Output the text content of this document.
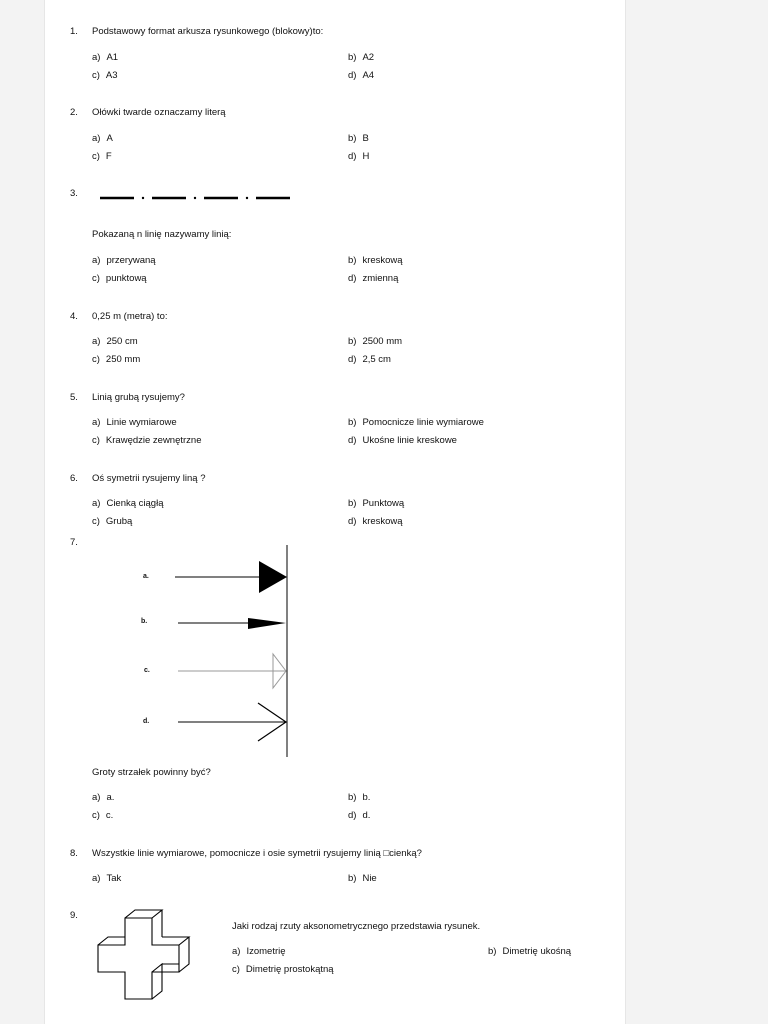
1. Podstawowy format arkusza rysunkowego (blokowy)to:
a) A1	b) A2
c) A3	d) A4
2. Ołówki twarde oznaczamy literą
a) A	b) B
c) F	d) H
3.
Pokazaną n linię nazywamy linią:
a) przerywaną	b) kreskową
c) punktową	d) zmienną
4. 0,25 m (metra) to:
a) 250 cm	b) 2500 mm
c) 250 mm	d) 2,5 cm
5. Linią grubą rysujemy?
a) Linie wymiarowe	b) Pomocnicze linie wymiarowe
c) Krawędzie zewnętrzne	d) Ukośne linie kreskowe
6. Oś symetrii rysujemy liną ?
a) Cienką ciągłą	b) Punktową
c) Grubą	d) kreskową
7.
a.
b.
c.
d.
Groty strzałek powinny być?
a) a.	b) b.
c) c.	d) d.
8. Wszystkie linie wymiarowe, pomocnicze i osie symetrii rysujemy linią □cienką?
a) Tak	b) Nie
9.
Jaki rodzaj rzuty aksonometrycznego przedstawia rysunek.
a) Izometrię	b) Dimetrię ukośną
c) Dimetrię prostokątną
